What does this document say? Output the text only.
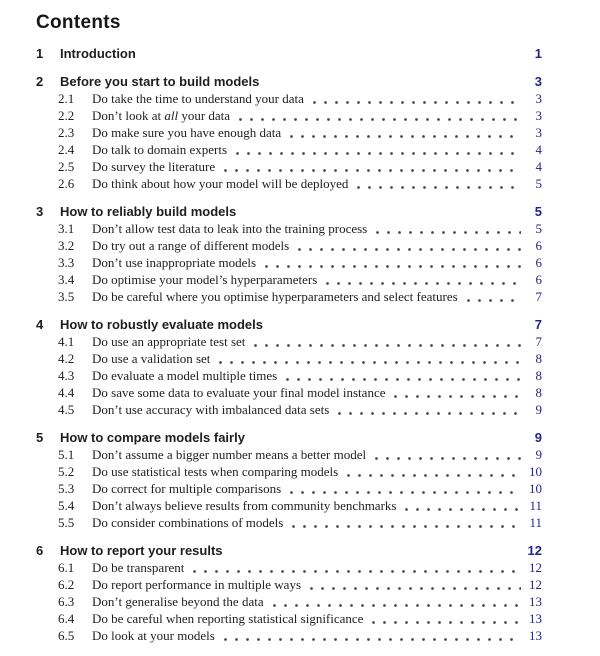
Contents
1	Introduction	1
2	Before you start to build models	3
2.1	Do take the time to understand your data	3
2.2	Don’t look at all your data	3
2.3	Do make sure you have enough data	3
2.4	Do talk to domain experts	4
2.5	Do survey the literature	4
2.6	Do think about how your model will be deployed	5
3	How to reliably build models	5
3.1	Don’t allow test data to leak into the training process	5
3.2	Do try out a range of different models	6
3.3	Don’t use inappropriate models	6
3.4	Do optimise your model’s hyperparameters	6
3.5	Do be careful where you optimise hyperparameters and select features	7
4	How to robustly evaluate models	7
4.1	Do use an appropriate test set	7
4.2	Do use a validation set	8
4.3	Do evaluate a model multiple times	8
4.4	Do save some data to evaluate your final model instance	8
4.5	Don’t use accuracy with imbalanced data sets	9
5	How to compare models fairly	9
5.1	Don’t assume a bigger number means a better model	9
5.2	Do use statistical tests when comparing models	10
5.3	Do correct for multiple comparisons	10
5.4	Don’t always believe results from community benchmarks	11
5.5	Do consider combinations of models	11
6	How to report your results	12
6.1	Do be transparent	12
6.2	Do report performance in multiple ways	12
6.3	Don’t generalise beyond the data	13
6.4	Do be careful when reporting statistical significance	13
6.5	Do look at your models	13
